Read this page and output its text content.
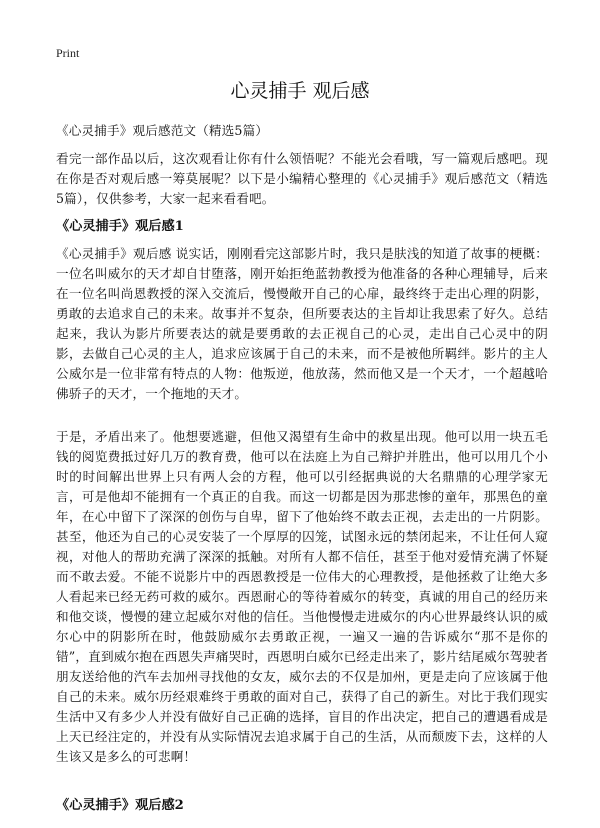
Print
心灵捕手 观后感

《心灵捕手》观后感范文（精选5篇）

看完一部作品以后，这次观看让你有什么领悟呢？不能光会看哦，写一篇观后感吧。现在你是否对观后感一筹莫展呢？以下是小编精心整理的《心灵捕手》观后感范文（精选5篇），仅供参考，大家一起来看看吧。

《心灵捕手》观后感1

《心灵捕手》观后感 说实话，刚刚看完这部影片时，我只是肤浅的知道了故事的梗概：一位名叫威尔的天才却自甘堕落，刚开始拒绝蓝勃教授为他准备的各种心理辅导，后来在一位名叫尚恩教授的深入交流后，慢慢敞开自己的心扉，最终终于走出心理的阴影，勇敢的去追求自己的未来。故事并不复杂，但所要表达的主旨却让我思索了好久。总结起来，我认为影片所要表达的就是要勇敢的去正视自己的心灵，走出自己心灵中的阴影，去做自己心灵的主人，追求应该属于自己的未来，而不是被他所羁绊。影片的主人公威尔是一位非常有特点的人物：他叛逆，他放荡，然而他又是一个天才，一个超越哈佛骄子的天才，一个拖地的天才。

于是，矛盾出来了。他想要逃避，但他又渴望有生命中的救星出现。他可以用一块五毛钱的阅览费抵过好几万的教育费，他可以在法庭上为自己辩护并胜出，他可以用几个小时的时间解出世界上只有两人会的方程，他可以引经据典说的大名鼎鼎的心理学家无言，可是他却不能拥有一个真正的自我。而这一切都是因为那悲惨的童年，那黑色的童年，在心中留下了深深的创伤与自卑，留下了他始终不敢去正视，去走出的一片阴影。甚至，他还为自己的心灵安装了一个厚厚的囚笼，试图永远的禁闭起来，不让任何人窥视，对他人的帮助充满了深深的抵触。对所有人都不信任，甚至于他对爱情充满了怀疑而不敢去爱。不能不说影片中的西恩教授是一位伟大的心理教授，是他拯救了让绝大多人看起来已经无药可救的威尔。西恩耐心的等待着威尔的转变，真诚的用自己的经历来和他交谈，慢慢的建立起威尔对他的信任。当他慢慢走进威尔的内心世界最终认识的威尔心中的阴影所在时，他鼓励威尔去勇敢正视，一遍又一遍的告诉威尔“那不是你的错”，直到威尔抱在西恩失声痛哭时，西恩明白威尔已经走出来了，影片结尾威尔驾驶者朋友送给他的汽车去加州寻找他的女友，威尔去的不仅是加州，更是走向了应该属于他自己的未来。威尔历经艰难终于勇敢的面对自己，获得了自己的新生。对比于我们现实生活中又有多少人并没有做好自己正确的选择，盲目的作出决定，把自己的遭遇看成是上天已经注定的，并没有从实际情况去追求属于自己的生活，从而颓废下去，这样的人生该又是多么的可悲啊！

《心灵捕手》观后感2
